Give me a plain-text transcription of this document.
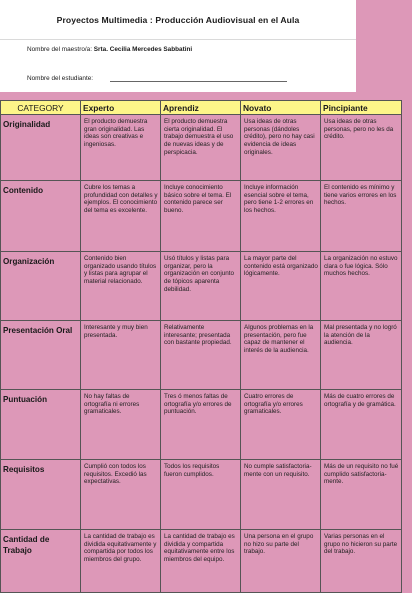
Proyectos Multimedia : Producción Audiovisual en el Aula
Nombre del maestro/a: Srta. Cecilia Mercedes Sabbatini
Nombre del estudiante:
CATEGORY	Experto	Aprendiz	Novato	Pincipiante
Originalidad	El producto demuestra gran originalidad. Las ideas son creativas e ingeniosas.	El producto demuestra cierta originalidad. El trabajo demuestra el uso de nuevas ideas y de perspicacia.	Usa ideas de otras personas (dándoles crédito), pero no hay casi evidencia de ideas originales.	Usa ideas de otras personas, pero no les da crédito.
Contenido	Cubre los temas a profundidad con detalles y ejemplos. El conocimiento del tema es excelente.	Incluye conocimiento básico sobre el tema. El contenido parece ser bueno.	Incluye información esencial sobre el tema, pero tiene 1-2 errores en los hechos.	El contenido es mínimo y tiene varios errores en los hechos.
Organización	Contenido bien organizado usando títulos y listas para agrupar el material relacionado.	Usó títulos y listas para organizar, pero la organización en conjunto de tópicos aparenta debilidad.	La mayor parte del contenido está organizado lógicamente.	La organización no estuvo clara o fue lógica. Sólo muchos hechos.
Presentación Oral	Interesante y muy bien presentada.	Relativamente interesante; presentada con bastante propiedad.	Algunos problemas en la presentación, pero fue capaz de mantener el interés de la audiencia.	Mal presentada y no logró la atención de la audiencia.
Puntuación	No hay faltas de ortografía ni errores gramaticales.	Tres ó menos faltas de ortografía y/o errores de puntuación.	Cuatro errores de ortografía y/o errores gramaticales.	Más de cuatro errores de ortografía y de gramática.
Requisitos	Cumplió con todos los requisitos. Excedió las expectativas.	Todos los requisitos fueron cumplidos.	No cumple satisfactoria- mente con un requisito.	Más de un requisito no fué cumplido satisfactoria- mente.
Cantidad de Trabajo	La cantidad de trabajo es dividida equitativamente y compartida por todos los miembros del grupo.	La cantidad de trabajo es dividida y compartida equitativamente entre los miembros del equipo.	Una persona en el grupo no hizo su parte del trabajo.	Varias personas en el grupo no hicieron su parte del trabajo.
